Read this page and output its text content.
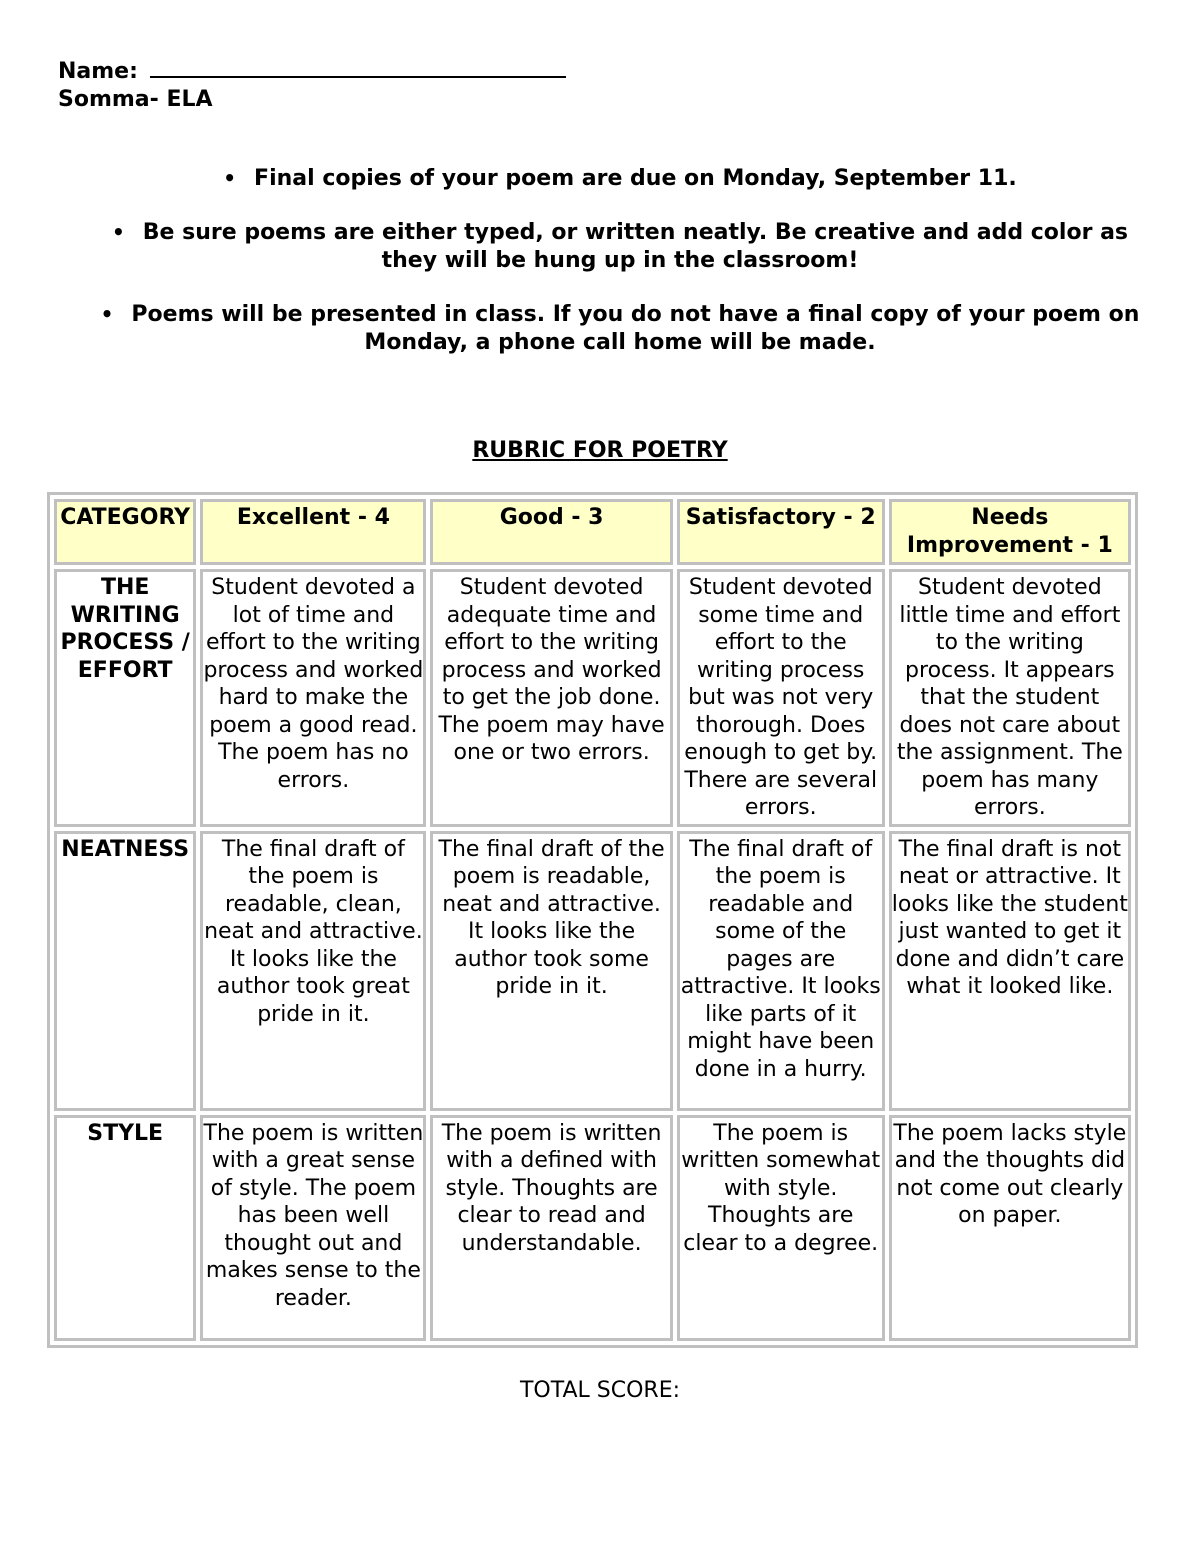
Name:
Somma- ELA
• Final copies of your poem are due on Monday, September 11.
• Be sure poems are either typed, or written neatly. Be creative and add color as they will be hung up in the classroom!
• Poems will be presented in class. If you do not have a final copy of your poem on Monday, a phone call home will be made.
RUBRIC FOR POETRY
CATEGORY	Excellent - 4	Good - 3	Satisfactory - 2	Needs Improvement - 1
THE WRITING PROCESS / EFFORT	Student devoted a lot of time and effort to the writing process and worked hard to make the poem a good read. The poem has no errors.	Student devoted adequate time and effort to the writing process and worked to get the job done. The poem may have one or two errors.	Student devoted some time and effort to the writing process but was not very thorough. Does enough to get by. There are several errors.	Student devoted little time and effort to the writing process. It appears that the student does not care about the assignment. The poem has many errors.
NEATNESS	The final draft of the poem is readable, clean, neat and attractive. It looks like the author took great pride in it.	The final draft of the poem is readable, neat and attractive. It looks like the author took some pride in it.	The final draft of the poem is readable and some of the pages are attractive. It looks like parts of it might have been done in a hurry.	The final draft is not neat or attractive. It looks like the student just wanted to get it done and didn’t care what it looked like.
STYLE	The poem is written with a great sense of style. The poem has been well thought out and makes sense to the reader.	The poem is written with a defined with style. Thoughts are clear to read and understandable.	The poem is written somewhat with style. Thoughts are clear to a degree.	The poem lacks style and the thoughts did not come out clearly on paper.
TOTAL SCORE:
